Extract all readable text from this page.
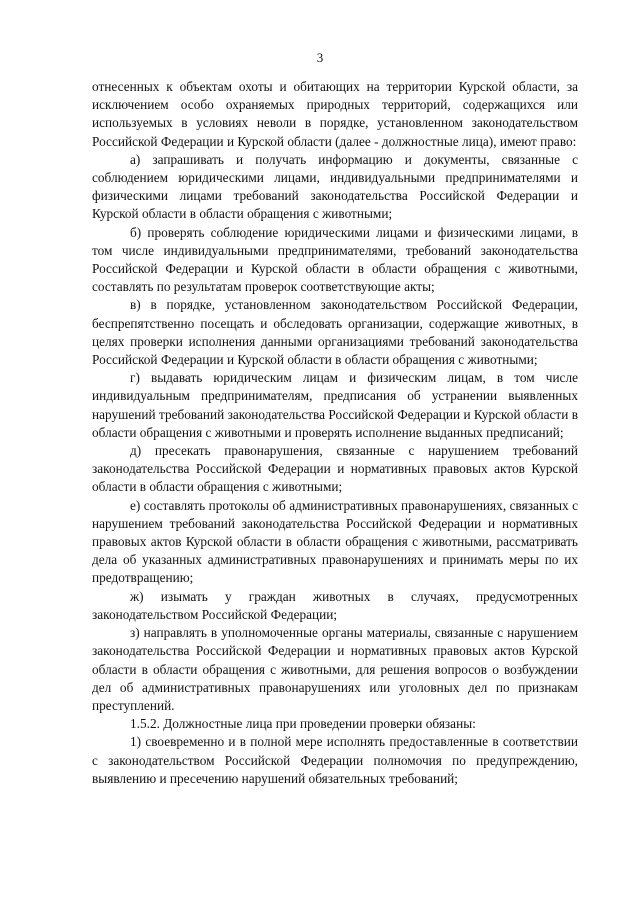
3

отнесенных к объектам охоты и обитающих на территории Курской области, за исключением особо охраняемых природных территорий, содержащихся или используемых в условиях неволи в порядке, установленном законодательством Российской Федерации и Курской области (далее - должностные лица), имеют право:

а) запрашивать и получать информацию и документы, связанные с соблюдением юридическими лицами, индивидуальными предпринимателями и физическими лицами требований законодательства Российской Федерации и Курской области в области обращения с животными;

б) проверять соблюдение юридическими лицами и физическими лицами, в том числе индивидуальными предпринимателями, требований законодательства Российской Федерации и Курской области в области обращения с животными, составлять по результатам проверок соответствующие акты;

в) в порядке, установленном законодательством Российской Федерации, беспрепятственно посещать и обследовать организации, содержащие животных, в целях проверки исполнения данными организациями требований законодательства Российской Федерации и Курской области в области обращения с животными;

г) выдавать юридическим лицам и физическим лицам, в том числе индивидуальным предпринимателям, предписания об устранении выявленных нарушений требований законодательства Российской Федерации и Курской области в области обращения с животными и проверять исполнение выданных предписаний;

д) пресекать правонарушения, связанные с нарушением требований законодательства Российской Федерации и нормативных правовых актов Курской области в области обращения с животными;

е) составлять протоколы об административных правонарушениях, связанных с нарушением требований законодательства Российской Федерации и нормативных правовых актов Курской области в области обращения с животными, рассматривать дела об указанных административных правонарушениях и принимать меры по их предотвращению;

ж) изымать у граждан животных в случаях, предусмотренных законодательством Российской Федерации;

з) направлять в уполномоченные органы материалы, связанные с нарушением законодательства Российской Федерации и нормативных правовых актов Курской области в области обращения с животными, для решения вопросов о возбуждении дел об административных правонарушениях или уголовных дел по признакам преступлений.

1.5.2. Должностные лица при проведении проверки обязаны:

1) своевременно и в полной мере исполнять предоставленные в соответствии с законодательством Российской Федерации полномочия по предупреждению, выявлению и пресечению нарушений обязательных требований;
